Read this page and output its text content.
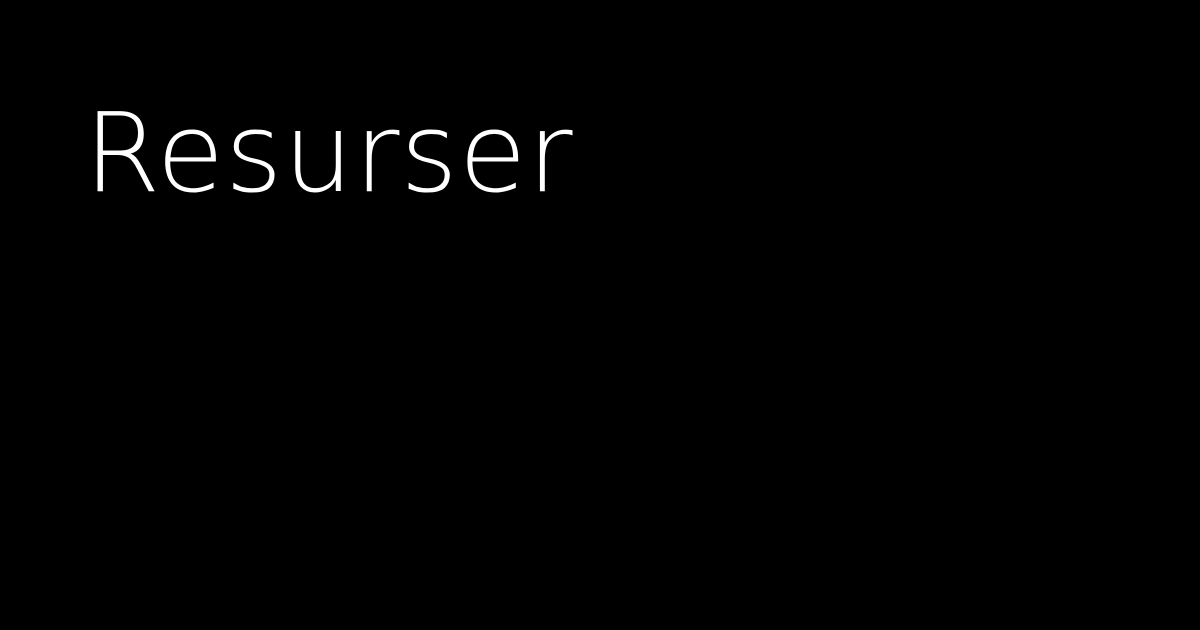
Resurser
